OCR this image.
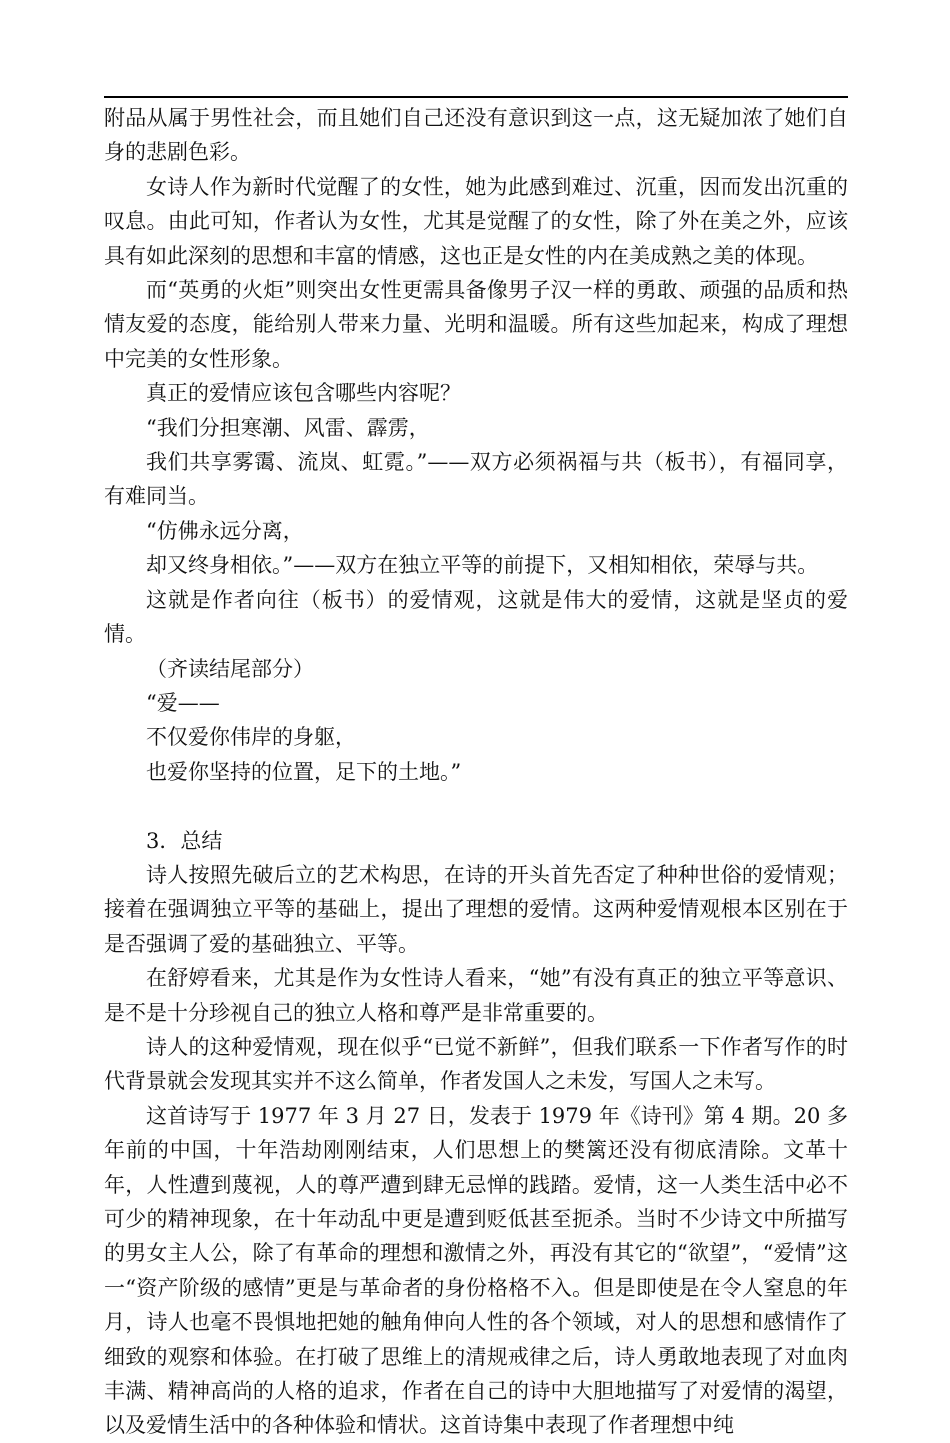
附品从属于男性社会，而且她们自己还没有意识到这一点，这无疑加浓了她们自身的悲剧色彩。

女诗人作为新时代觉醒了的女性，她为此感到难过、沉重，因而发出沉重的叹息。由此可知，作者认为女性，尤其是觉醒了的女性，除了外在美之外，应该具有如此深刻的思想和丰富的情感，这也正是女性的内在美成熟之美的体现。

而“英勇的火炬”则突出女性更需具备像男子汉一样的勇敢、顽强的品质和热情友爱的态度，能给别人带来力量、光明和温暖。所有这些加起来，构成了理想中完美的女性形象。

真正的爱情应该包含哪些内容呢？

“我们分担寒潮、风雷、霹雳，

我们共享雾霭、流岚、虹霓。”——双方必须祸福与共（板书），有福同享，有难同当。

“仿佛永远分离，

却又终身相依。”——双方在独立平等的前提下，又相知相依，荣辱与共。

这就是作者向往（板书）的爱情观，这就是伟大的爱情，这就是坚贞的爱情。

（齐读结尾部分）

“爱——

不仅爱你伟岸的身躯，

也爱你坚持的位置，足下的土地。”

3．总结

诗人按照先破后立的艺术构思，在诗的开头首先否定了种种世俗的爱情观；接着在强调独立平等的基础上，提出了理想的爱情。这两种爱情观根本区别在于是否强调了爱的基础独立、平等。

在舒婷看来，尤其是作为女性诗人看来，“她”有没有真正的独立平等意识、是不是十分珍视自己的独立人格和尊严是非常重要的。

诗人的这种爱情观，现在似乎“已觉不新鲜”，但我们联系一下作者写作的时代背景就会发现其实并不这么简单，作者发国人之未发，写国人之未写。

这首诗写于 1977 年 3 月 27 日，发表于 1979 年《诗刊》第 4 期。20 多年前的中国，十年浩劫刚刚结束，人们思想上的樊篱还没有彻底清除。文革十年，人性遭到蔑视，人的尊严遭到肆无忌惮的践踏。爱情，这一人类生活中必不可少的精神现象，在十年动乱中更是遭到贬低甚至扼杀。当时不少诗文中所描写的男女主人公，除了有革命的理想和激情之外，再没有其它的“欲望”，“爱情”这一“资产阶级的感情”更是与革命者的身份格格不入。但是即使是在令人窒息的年月，诗人也毫不畏惧地把她的触角伸向人性的各个领域，对人的思想和感情作了细致的观察和体验。在打破了思维上的清规戒律之后，诗人勇敢地表现了对血肉丰满、精神高尚的人格的追求，作者在自己的诗中大胆地描写了对爱情的渴望，以及爱情生活中的各种体验和情状。这首诗集中表现了作者理想中纯
